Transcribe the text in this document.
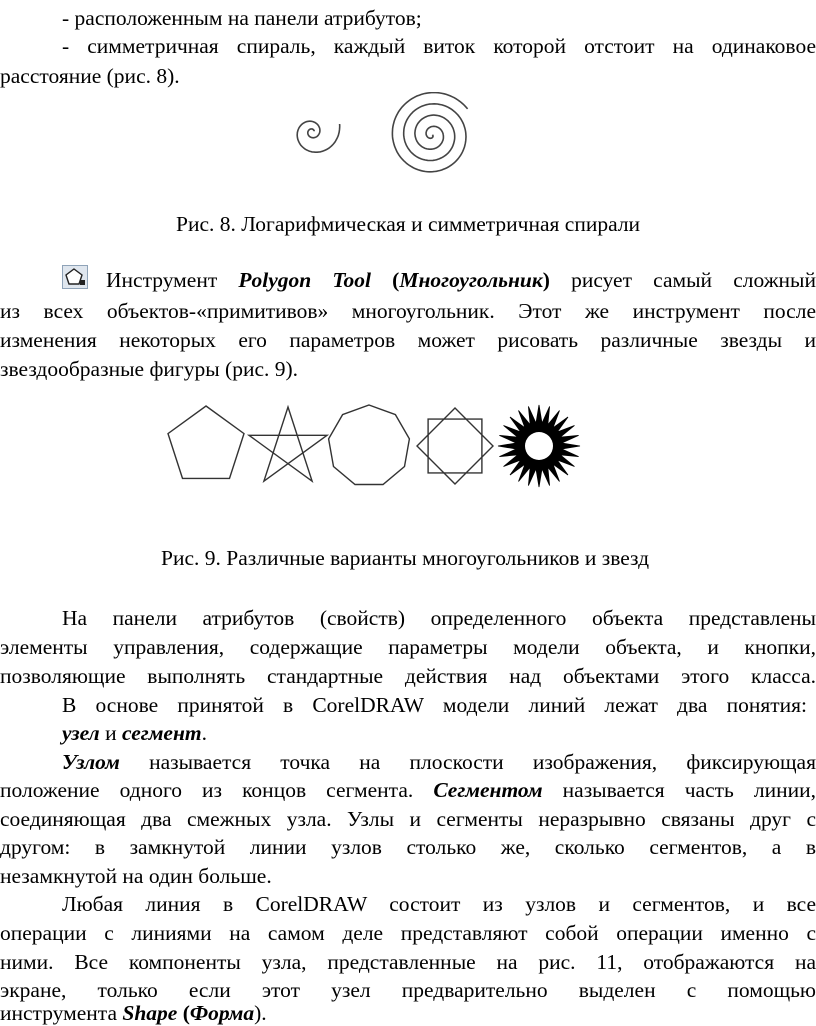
- расположенным на панели атрибутов;
- симметричная спираль, каждый виток которой отстоит на одинаковое
расстояние (рис. 8).
Рис. 8. Логарифмическая и симметричная спирали
Инструмент Polygon Tool (Многоугольник) рисует самый сложный
из всех объектов-«примитивов» многоугольник. Этот же инструмент после
изменения некоторых его параметров может рисовать различные звезды и
звездообразные фигуры (рис. 9).
Рис. 9. Различные варианты многоугольников и звезд
На панели атрибутов (свойств) определенного объекта представлены
элементы управления, содержащие параметры модели объекта, и кнопки,
позволяющие выполнять стандартные действия над объектами этого класса.
В основе принятой в CorelDRAW модели линий лежат два понятия:
узел и сегмент.
Узлом называется точка на плоскости изображения, фиксирующая
положение одного из концов сегмента. Сегментом называется часть линии,
соединяющая два смежных узла. Узлы и сегменты неразрывно связаны друг с
другом: в замкнутой линии узлов столько же, сколько сегментов, а в
незамкнутой на один больше.
Любая линия в CorelDRAW состоит из узлов и сегментов, и все
операции с линиями на самом деле представляют собой операции именно с
ними. Все компоненты узла, представленные на рис. 11, отображаются на
экране, только если этот узел предварительно выделен с помощью
инструмента Shape (Форма).
